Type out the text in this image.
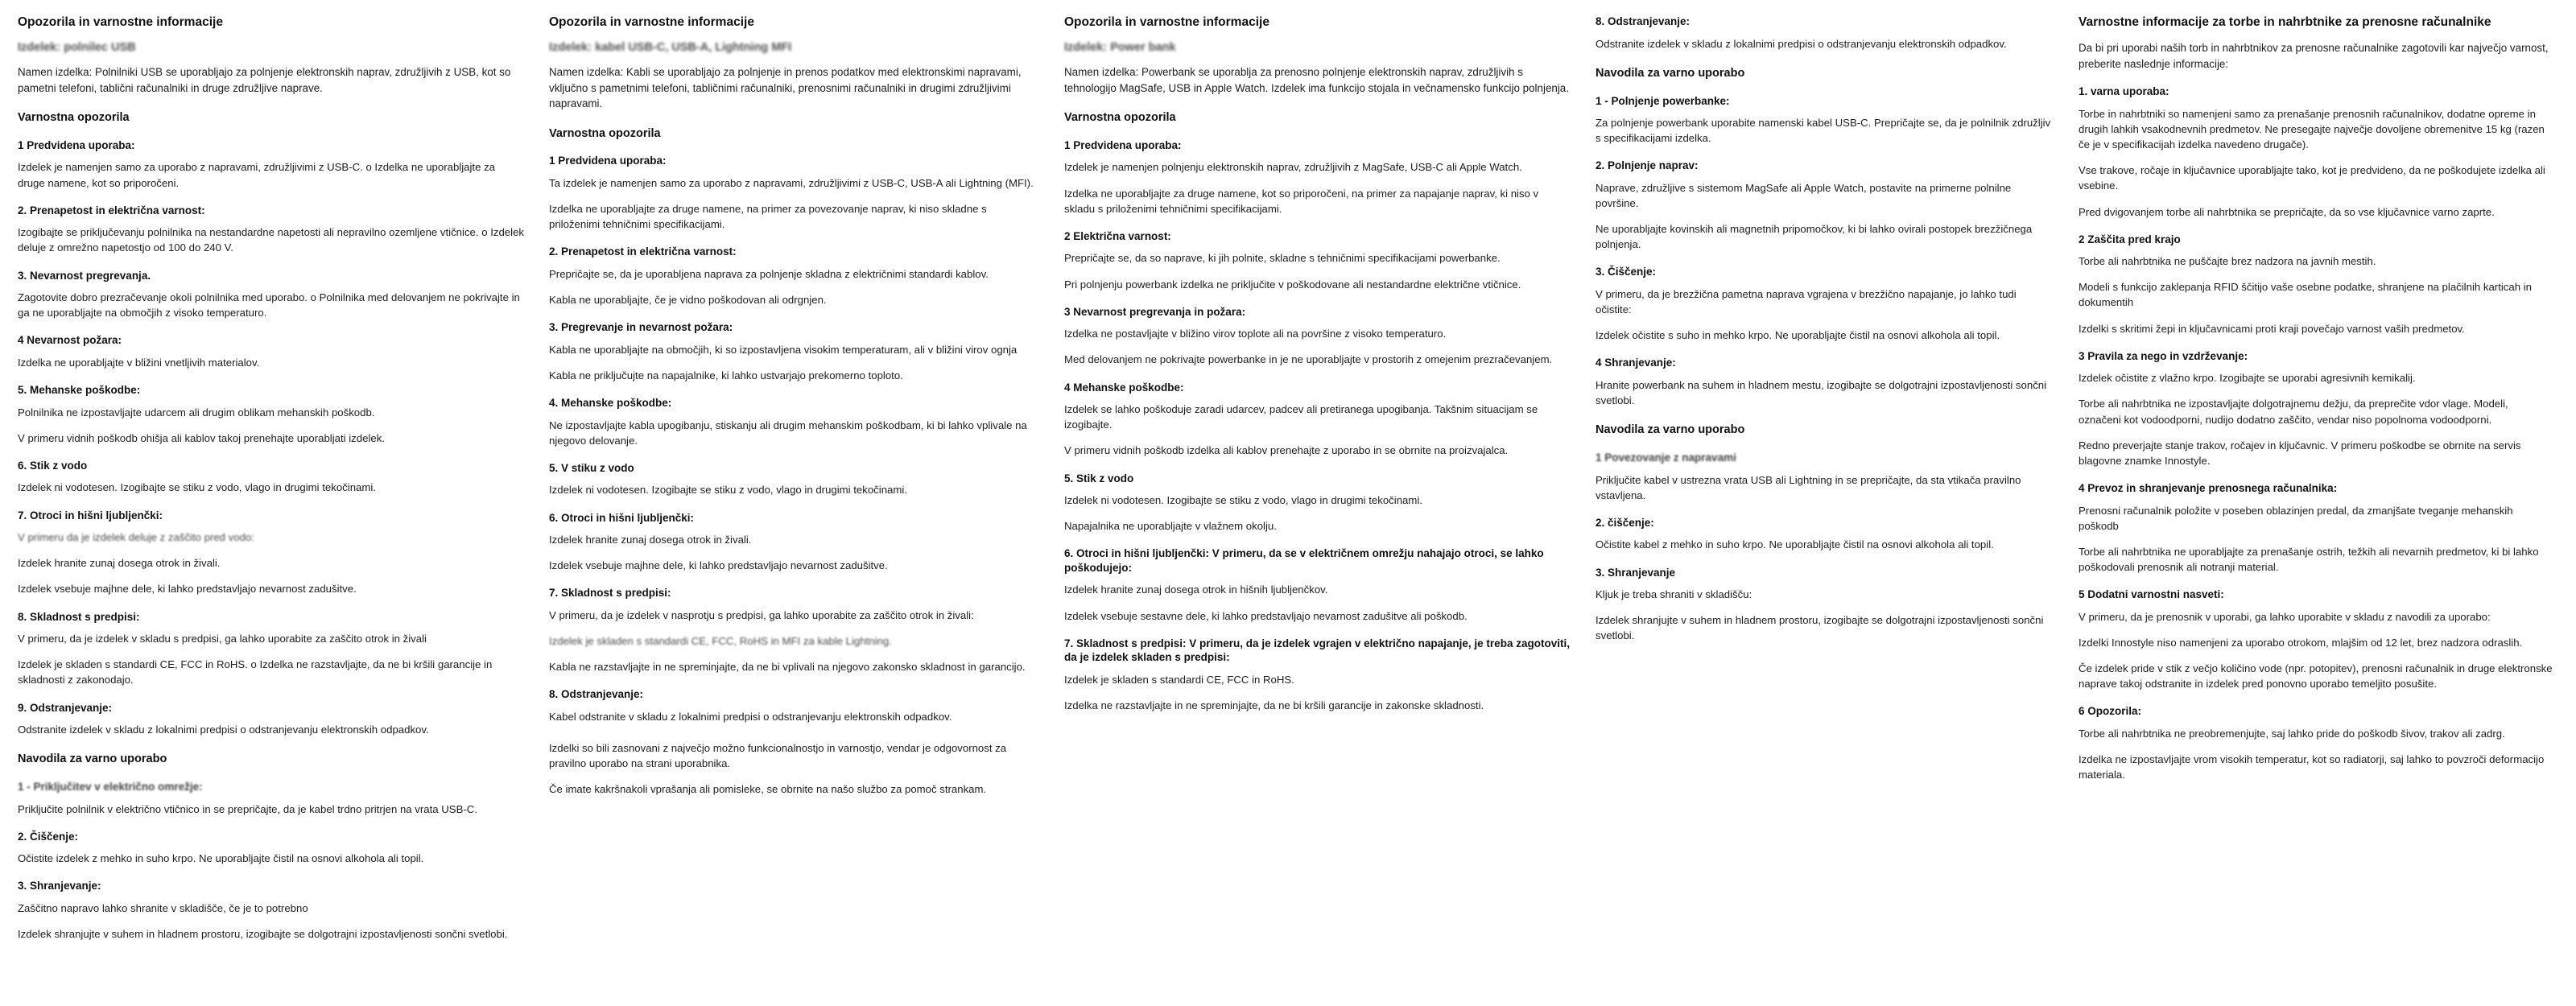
Opozorila in varnostne informacije
Izdelek: polnilec USB

Namen izdelka: Polnilniki USB se uporabljajo za polnjenje elektronskih naprav, združljivih z USB, kot so pametni telefoni, tablični računalniki in druge združljive naprave.

Varnostna opozorila
1 Predvidena uporaba:

Izdelek je namenjen samo za uporabo z napravami, združljivimi z USB-C. o Izdelka ne uporabljajte za druge namene, kot so priporočeni.

2. Prenapetost in električna varnost:

Izogibajte se priključevanju polnilnika na nestandardne napetosti ali nepravilno ozemljene vtičnice. o Izdelek deluje z omrežno napetostjo od 100 do 240 V.

3. Nevarnost pregrevanja.

Zagotovite dobro prezračevanje okoli polnilnika med uporabo. o Polnilnika med delovanjem ne pokrivajte in ga ne uporabljajte na območjih z visoko temperaturo.

4 Nevarnost požara:

Izdelka ne uporabljajte v bližini vnetljivih materialov.

5. Mehanske poškodbe:

Polnilnika ne izpostavljajte udarcem ali drugim oblikam mehanskih poškodb.

V primeru vidnih poškodb ohišja ali kablov takoj prenehajte uporabljati izdelek.

6. Stik z vodo

Izdelek ni vodotesen. Izogibajte se stiku z vodo, vlago in drugimi tekočinami.

7. Otroci in hišni ljubljenčki:

V primeru da je izdelek deluje z zaščito pred vodo:

Izdelek hranite zunaj dosega otrok in živali.

Izdelek vsebuje majhne dele, ki lahko predstavljajo nevarnost zadušitve.

8. Skladnost s predpisi:

V primeru, da je izdelek v skladu s predpisi, ga lahko uporabite za zaščito otrok in živali

Izdelek je skladen s standardi CE, FCC in RoHS. o Izdelka ne razstavljajte, da ne bi kršili garancije in skladnosti z zakonodajo.

9. Odstranjevanje:

Odstranite izdelek v skladu z lokalnimi predpisi o odstranjevanju elektronskih odpadkov.

Navodila za varno uporabo
1 - Priključitev v električno omrežje:

Priključite polnilnik v električno vtičnico in se prepričajte, da je kabel trdno pritrjen na vrata USB-C.

2. Čiščenje:

Očistite izdelek z mehko in suho krpo. Ne uporabljajte čistil na osnovi alkohola ali topil.

3. Shranjevanje:

Zaščitno napravo lahko shranite v skladišče, če je to potrebno

Izdelek shranjujte v suhem in hladnem prostoru, izogibajte se dolgotrajni izpostavljenosti sončni svetlobi.

Opozorila in varnostne informacije
Izdelek: kabel USB-C, USB-A, Lightning MFI

Namen izdelka: Kabli se uporabljajo za polnjenje in prenos podatkov med elektronskimi napravami, vključno s pametnimi telefoni, tabličnimi računalniki, prenosnimi računalniki in drugimi združljivimi napravami.

Varnostna opozorila
1 Predvidena uporaba:

Ta izdelek je namenjen samo za uporabo z napravami, združljivimi z USB-C, USB-A ali Lightning (MFI).

Izdelka ne uporabljajte za druge namene, na primer za povezovanje naprav, ki niso skladne s priloženimi tehničnimi specifikacijami.

2. Prenapetost in električna varnost:

Prepričajte se, da je uporabljena naprava za polnjenje skladna z električnimi standardi kablov.

Kabla ne uporabljajte, če je vidno poškodovan ali odrgnjen.

3. Pregrevanje in nevarnost požara:

Kabla ne uporabljajte na območjih, ki so izpostavljena visokim temperaturam, ali v bližini virov ognja

Kabla ne priključujte na napajalnike, ki lahko ustvarjajo prekomerno toploto.

4. Mehanske poškodbe:

Ne izpostavljajte kabla upogibanju, stiskanju ali drugim mehanskim poškodbam, ki bi lahko vplivale na njegovo delovanje.

5. V stiku z vodo

Izdelek ni vodotesen. Izogibajte se stiku z vodo, vlago in drugimi tekočinami.

6. Otroci in hišni ljubljenčki:

Izdelek hranite zunaj dosega otrok in živali.

Izdelek vsebuje majhne dele, ki lahko predstavljajo nevarnost zadušitve.

7. Skladnost s predpisi:

V primeru, da je izdelek v nasprotju s predpisi, ga lahko uporabite za zaščito otrok in živali:

Izdelek je skladen s standardi CE, FCC, RoHS in MFI za kable Lightning.

Kabla ne razstavljajte in ne spreminjajte, da ne bi vplivali na njegovo zakonsko skladnost in garancijo.

8. Odstranjevanje:

Kabel odstranite v skladu z lokalnimi predpisi o odstranjevanju elektronskih odpadkov.

Izdelki so bili zasnovani z največjo možno funkcionalnostjo in varnostjo, vendar je odgovornost za pravilno uporabo na strani uporabnika.

Če imate kakršnakoli vprašanja ali pomisleke, se obrnite na našo službo za pomoč strankam.

Opozorila in varnostne informacije
Izdelek: Power bank

Namen izdelka: Powerbank se uporablja za prenosno polnjenje elektronskih naprav, združljivih s tehnologijo MagSafe, USB in Apple Watch. Izdelek ima funkcijo stojala in večnamensko funkcijo polnjenja.

Varnostna opozorila
1 Predvidena uporaba:

Izdelek je namenjen polnjenju elektronskih naprav, združljivih z MagSafe, USB-C ali Apple Watch.

Izdelka ne uporabljajte za druge namene, kot so priporočeni, na primer za napajanje naprav, ki niso v skladu s priloženimi tehničnimi specifikacijami.

2 Električna varnost:

Prepričajte se, da so naprave, ki jih polnite, skladne s tehničnimi specifikacijami powerbanke.

Pri polnjenju powerbank izdelka ne priključite v poškodovane ali nestandardne električne vtičnice.

3 Nevarnost pregrevanja in požara:

Izdelka ne postavljajte v bližino virov toplote ali na površine z visoko temperaturo.

Med delovanjem ne pokrivajte powerbanke in je ne uporabljajte v prostorih z omejenim prezračevanjem.

4 Mehanske poškodbe:

Izdelek se lahko poškoduje zaradi udarcev, padcev ali pretiranega upogibanja. Takšnim situacijam se izogibajte.

V primeru vidnih poškodb izdelka ali kablov prenehajte z uporabo in se obrnite na proizvajalca.

5. Stik z vodo

Izdelek ni vodotesen. Izogibajte se stiku z vodo, vlago in drugimi tekočinami.

Napajalnika ne uporabljajte v vlažnem okolju.

6. Otroci in hišni ljubljenčki: V primeru, da se v električnem omrežju nahajajo otroci, se lahko poškodujejo:

Izdelek hranite zunaj dosega otrok in hišnih ljubljenčkov.

Izdelek vsebuje sestavne dele, ki lahko predstavljajo nevarnost zadušitve ali poškodb.

7. Skladnost s predpisi: V primeru, da je izdelek vgrajen v električno napajanje, je treba zagotoviti, da je izdelek skladen s predpisi:

Izdelek je skladen s standardi CE, FCC in RoHS.

Izdelka ne razstavljajte in ne spreminjajte, da ne bi kršili garancije in zakonske skladnosti.

8. Odstranjevanje:

Odstranite izdelek v skladu z lokalnimi predpisi o odstranjevanju elektronskih odpadkov.

Navodila za varno uporabo
1 - Polnjenje powerbanke:

Za polnjenje powerbank uporabite namenski kabel USB-C. Prepričajte se, da je polnilnik združljiv s specifikacijami izdelka.

2. Polnjenje naprav:

Naprave, združljive s sistemom MagSafe ali Apple Watch, postavite na primerne polnilne površine.

Ne uporabljajte kovinskih ali magnetnih pripomočkov, ki bi lahko ovirali postopek brezžičnega polnjenja.

3. Čiščenje:

V primeru, da je brezžična pametna naprava vgrajena v brezžično napajanje, jo lahko tudi očistite:

Izdelek očistite s suho in mehko krpo. Ne uporabljajte čistil na osnovi alkohola ali topil.

4 Shranjevanje:

Hranite powerbank na suhem in hladnem mestu, izogibajte se dolgotrajni izpostavljenosti sončni svetlobi.

Navodila za varno uporabo
1 Povezovanje z napravami

Priključite kabel v ustrezna vrata USB ali Lightning in se prepričajte, da sta vtikača pravilno vstavljena.

2. čiščenje:

Očistite kabel z mehko in suho krpo. Ne uporabljajte čistil na osnovi alkohola ali topil.

3. Shranjevanje

Kljuk je treba shraniti v skladišču:

Izdelek shranjujte v suhem in hladnem prostoru, izogibajte se dolgotrajni izpostavljenosti sončni svetlobi.

Varnostne informacije za torbe in nahrbtnike za prenosne računalnike

Da bi pri uporabi naših torb in nahrbtnikov za prenosne računalnike zagotovili kar največjo varnost, preberite naslednje informacije:

1. varna uporaba:

Torbe in nahrbtniki so namenjeni samo za prenašanje prenosnih računalnikov, dodatne opreme in drugih lahkih vsakodnevnih predmetov. Ne presegajte največje dovoljene obremenitve 15 kg (razen če je v specifikacijah izdelka navedeno drugače).

Vse trakove, ročaje in ključavnice uporabljajte tako, kot je predvideno, da ne poškodujete izdelka ali vsebine.

Pred dvigovanjem torbe ali nahrbtnika se prepričajte, da so vse ključavnice varno zaprte.

2 Zaščita pred krajo

Torbe ali nahrbtnika ne puščajte brez nadzora na javnih mestih.

Modeli s funkcijo zaklepanja RFID ščitijo vaše osebne podatke, shranjene na plačilnih karticah in dokumentih

Izdelki s skritimi žepi in ključavnicami proti kraji povečajo varnost vaših predmetov.

3 Pravila za nego in vzdrževanje:

Izdelek očistite z vlažno krpo. Izogibajte se uporabi agresivnih kemikalij.

Torbe ali nahrbtnika ne izpostavljajte dolgotrajnemu dežju, da preprečite vdor vlage. Modeli, označeni kot vodoodporni, nudijo dodatno zaščito, vendar niso popolnoma vodoodporni.

Redno preverjajte stanje trakov, ročajev in ključavnic. V primeru poškodbe se obrnite na servis blagovne znamke Innostyle.

4 Prevoz in shranjevanje prenosnega računalnika:

Prenosni računalnik položite v poseben oblazinjen predal, da zmanjšate tveganje mehanskih poškodb

Torbe ali nahrbtnika ne uporabljajte za prenašanje ostrih, težkih ali nevarnih predmetov, ki bi lahko poškodovali prenosnik ali notranji material.

5 Dodatni varnostni nasveti:

V primeru, da je prenosnik v uporabi, ga lahko uporabite v skladu z navodili za uporabo:

Izdelki Innostyle niso namenjeni za uporabo otrokom, mlajšim od 12 let, brez nadzora odraslih.

Če izdelek pride v stik z večjo količino vode (npr. potopitev), prenosni računalnik in druge elektronske naprave takoj odstranite in izdelek pred ponovno uporabo temeljito posušite.

6 Opozorila:

Torbe ali nahrbtnika ne preobremenjujte, saj lahko pride do poškodb šivov, trakov ali zadrg.

Izdelka ne izpostavljajte vrom visokih temperatur, kot so radiatorji, saj lahko to povzroči deformacijo materiala.
